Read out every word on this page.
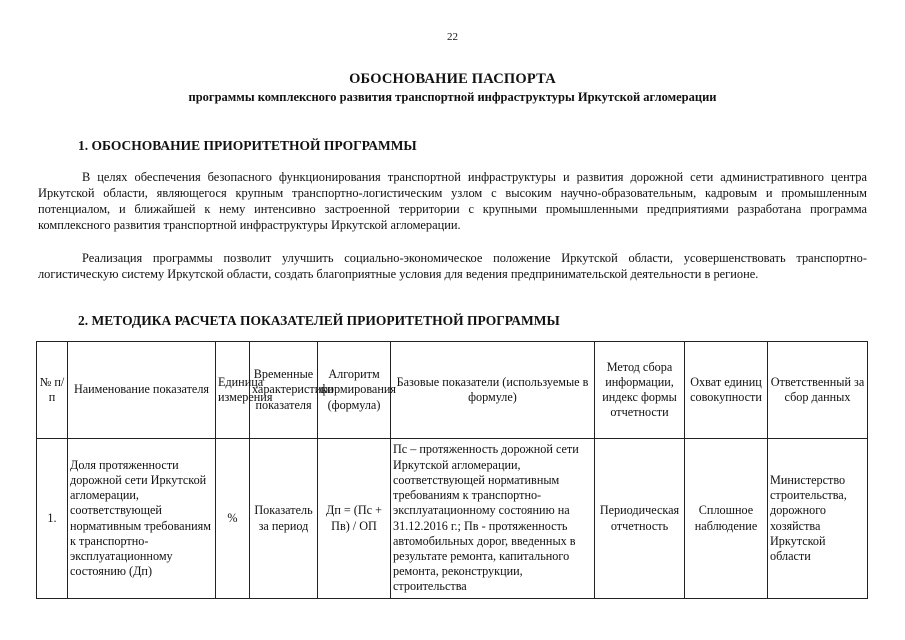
22
ОБОСНОВАНИЕ ПАСПОРТА
программы комплексного развития транспортной инфраструктуры Иркутской агломерации
1. ОБОСНОВАНИЕ ПРИОРИТЕТНОЙ ПРОГРАММЫ

В целях обеспечения безопасного функционирования транспортной инфраструктуры и развития дорожной сети административного центра Иркутской области, являющегося крупным транспортно-логистическим узлом с высоким научно-образовательным, кадровым и промышленным потенциалом, и ближайшей к нему интенсивно застроенной территории с крупными промышленными предприятиями разработана программа комплексного развития транспортной инфраструктуры Иркутской агломерации.

Реализация программы позволит улучшить социально-экономическое положение Иркутской области, усовершенствовать транспортно-логистическую систему Иркутской области, создать благоприятные условия для ведения предпринимательской деятельности в регионе.

2. МЕТОДИКА РАСЧЕТА ПОКАЗАТЕЛЕЙ ПРИОРИТЕТНОЙ ПРОГРАММЫ
№ п/п	Наименование показателя	Единица измерения	Временные характеристики показателя	Алгоритм формирования (формула)	Базовые показатели (используемые в формуле)	Метод сбора информации, индекс формы отчетности	Охват единиц совокупности	Ответственный за сбор данных
1.	Доля протяженности дорожной сети Иркутской агломерации, соответствующей нормативным требованиям к транспортно-эксплуатационному состоянию (Дп)	%	Показатель за период	Дп = (Пс + Пв) / ОП	Пс – протяженность дорожной сети Иркутской агломерации, соответствующей нормативным требованиям к транспортно-эксплуатационному состоянию на 31.12.2016 г.; Пв - протяженность автомобильных дорог, введенных в результате ремонта, капитального ремонта, реконструкции, строительства	Периодическая отчетность	Сплошное наблюдение	Министерство строительства, дорожного хозяйства Иркутской области
